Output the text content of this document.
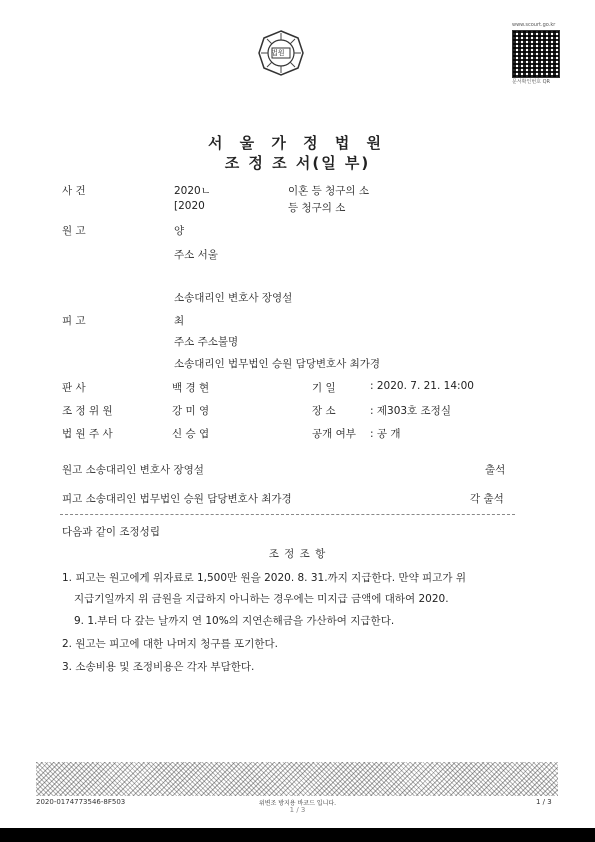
법원
www.scourt.go.kr
문서확인번호 QR
서 울 가 정 법 원
조 정 조 서(일 부)
사 건	2020ㄴ	이혼 등 청구의 소
[2020	등 청구의 소
원 고	양
주소 서울
소송대리인 변호사 장영설
피 고	최
주소 주소불명
소송대리인 법무법인 승원 담당변호사 최가경
판 사	백 경 현	기 일	: 2020. 7. 21. 14:00
조 정 위 원	강 미 영	장 소	: 제303호 조정실
법 원 주 사	신 승 엽	공개 여부 : 공 개
원고 소송대리인 변호사 장영설	출석
피고 소송대리인 법무법인 승원 담당변호사 최가경	각 출석
다음과 같이 조정성립
조 정 조 항
1. 피고는 원고에게 위자료로 1,500만 원을 2020. 8. 31.까지 지급한다. 만약 피고가 위
지급기일까지 위 금원을 지급하지 아니하는 경우에는 미지급 금액에 대하여 2020.
9. 1.부터 다 갚는 날까지 연 10%의 지연손해금을 가산하여 지급한다.
2. 원고는 피고에 대한 나머지 청구를 포기한다.
3. 소송비용 및 조정비용은 각자 부담한다.
2020-0174773546-8F503	위변조 방지용 바코드 입니다.
1 / 3
1 / 3
